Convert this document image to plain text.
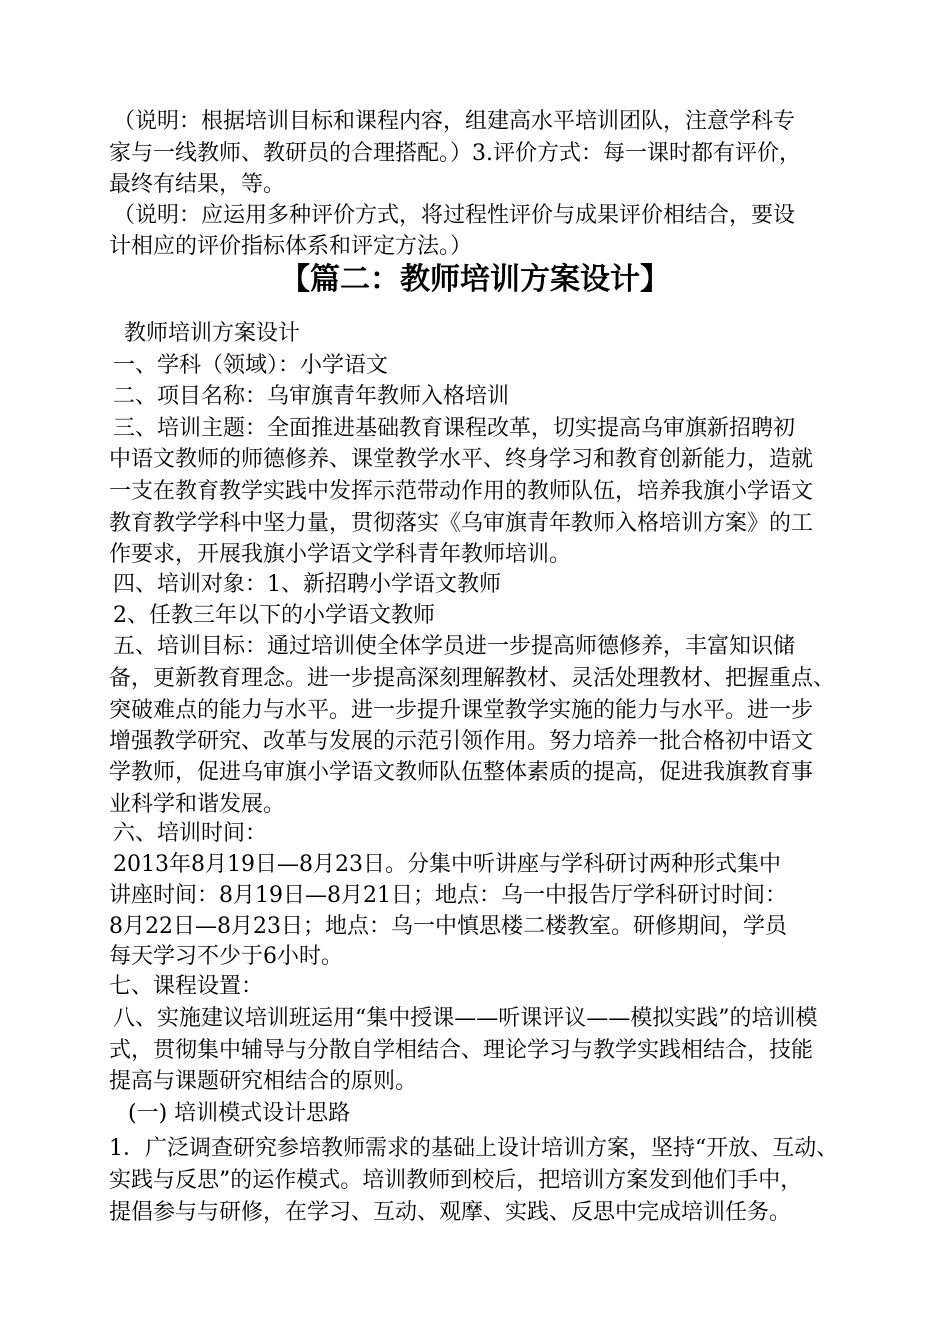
（说明：根据培训目标和课程内容，组建高水平培训团队，注意学科专
家与一线教师、教研员的合理搭配。）3.评价方式：每一课时都有评价，
最终有结果，等。
（说明：应运用多种评价方式，将过程性评价与成果评价相结合，要设
计相应的评价指标体系和评定方法。）
【篇二：教师培训方案设计】
教师培训方案设计
一、学科（领域）：小学语文
二、项目名称：乌审旗青年教师入格培训
三、培训主题：全面推进基础教育课程改革，切实提高乌审旗新招聘初
中语文教师的师德修养、课堂教学水平、终身学习和教育创新能力，造就
一支在教育教学实践中发挥示范带动作用的教师队伍，培养我旗小学语文
教育教学学科中坚力量，贯彻落实《乌审旗青年教师入格培训方案》的工
作要求，开展我旗小学语文学科青年教师培训。
四、培训对象：1、新招聘小学语文教师
2、任教三年以下的小学语文教师
五、培训目标：通过培训使全体学员进一步提高师德修养，丰富知识储
备，更新教育理念。进一步提高深刻理解教材、灵活处理教材、把握重点、
突破难点的能力与水平。进一步提升课堂教学实施的能力与水平。进一步
增强教学研究、改革与发展的示范引领作用。努力培养一批合格初中语文
学教师，促进乌审旗小学语文教师队伍整体素质的提高，促进我旗教育事
业科学和谐发展。
六、培训时间：
2013年8月19日—8月23日。分集中听讲座与学科研讨两种形式集中
讲座时间：8月19日—8月21日；地点：乌一中报告厅学科研讨时间：
8月22日—8月23日；地点：乌一中慎思楼二楼教室。研修期间，学员
每天学习不少于6小时。
七、课程设置：
八、实施建议培训班运用“集中授课——听课评议——模拟实践”的培训模
式，贯彻集中辅导与分散自学相结合、理论学习与教学实践相结合，技能
提高与课题研究相结合的原则。
(一) 培训模式设计思路
1．广泛调查研究参培教师需求的基础上设计培训方案，坚持“开放、互动、
实践与反思”的运作模式。培训教师到校后，把培训方案发到他们手中，
提倡参与与研修，在学习、互动、观摩、实践、反思中完成培训任务。
